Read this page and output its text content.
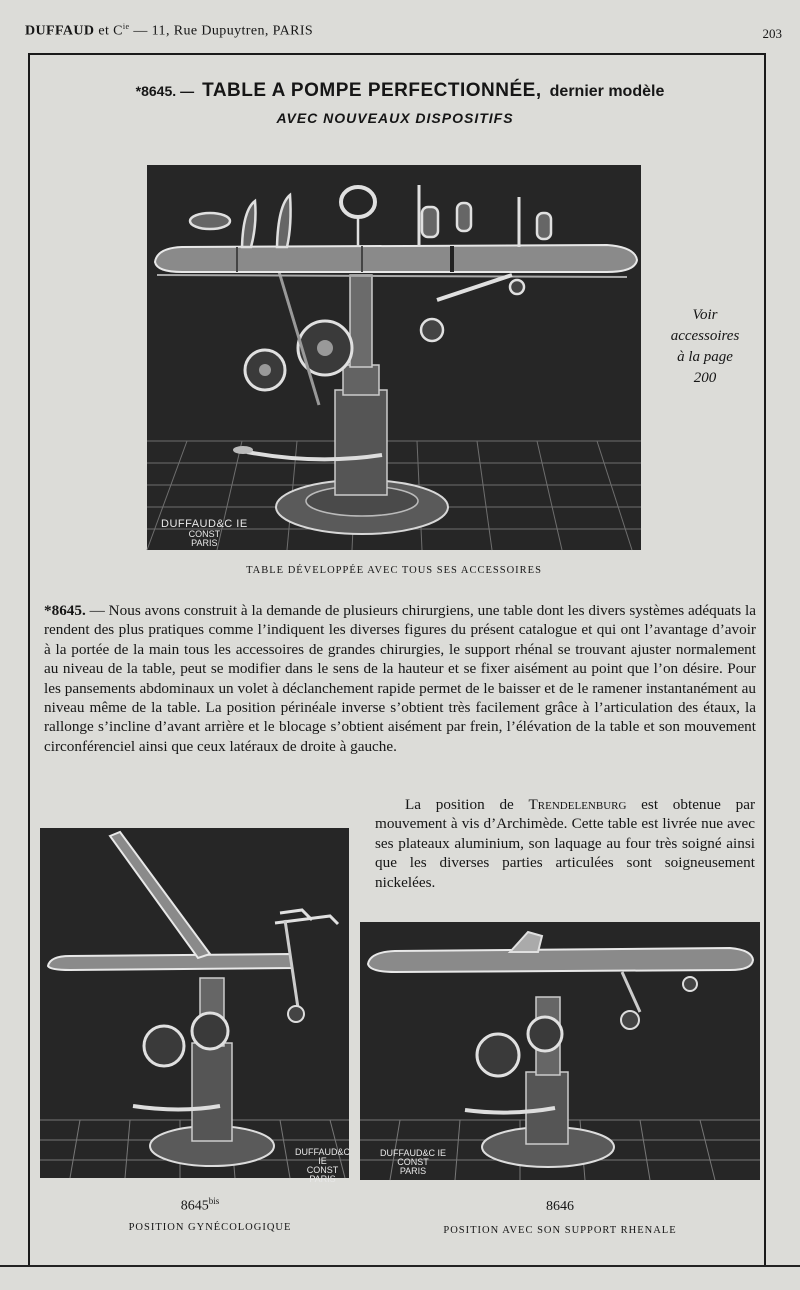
DUFFAUD et $C^{ie}$ — 11, Rue Dupuytren, PARIS	203
*8645. — TABLE A POMPE PERFECTIONNÉE, dernier modèle
AVEC NOUVEAUX DISPOSITIFS
DUFFAUD&C IE
CONST
PARIS
Voir
accessoires
à la page
200
TABLE DÉVELOPPÉE AVEC TOUS SES ACCESSOIRES
*8645. — Nous avons construit à la demande de plusieurs chirurgiens, une table dont les divers systèmes adéquats la rendent des plus pratiques comme l’indiquent les diverses figures du présent catalogue et qui ont l’avantage d’avoir à la portée de la main tous les accessoires de grandes chirurgies, le support rhénal se trouvant ajuster normalement au niveau de la table, peut se modifier dans le sens de la hauteur et se fixer aisément au point que l’on désire. Pour les pansements abdominaux un volet à déclanchement rapide permet de le baisser et de le ramener instantanément au niveau même de la table. La position périnéale inverse s’obtient très facilement grâce à l’articulation des étaux, la rallonge s’incline d’avant arrière et le blocage s’obtient aisément par frein, l’élévation de la table et son mouvement circonférenciel ainsi que ceux latéraux de droite à gauche.
La position de Trendelenburg est obtenue par mouvement à vis d’Archimède. Cette table est livrée nue avec ses plateaux aluminium, son laquage au four très soigné ainsi que les diverses parties articulées sont soigneusement nickelées.
DUFFAUD&C IE
CONST
PARIS
DUFFAUD&C IE
CONST
PARIS
$8645^{bis}$
POSITION GYNÉCOLOGIQUE
8646
POSITION AVEC SON SUPPORT RHENALE
